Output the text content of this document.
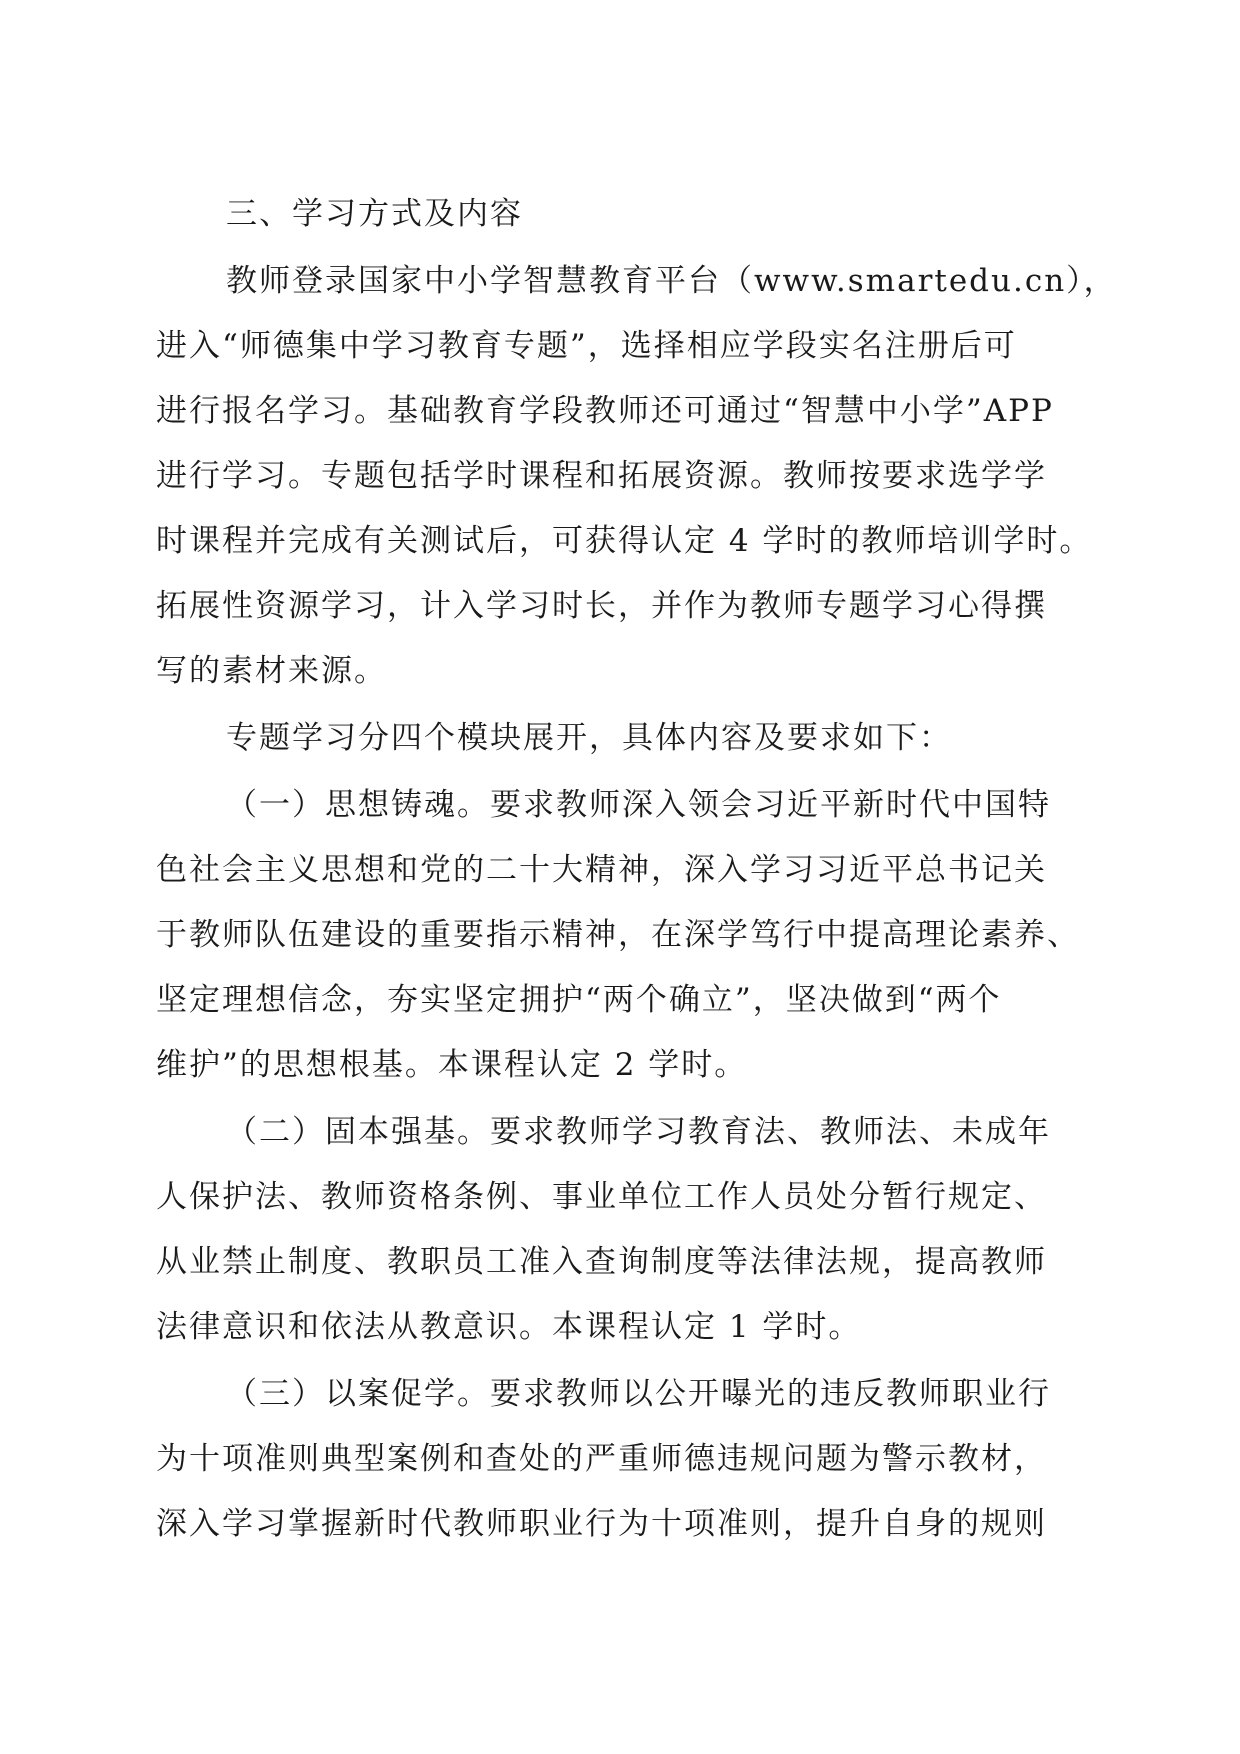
三、学习方式及内容
教师登录国家中小学智慧教育平台（www.smartedu.cn），
进入“师德集中学习教育专题”，选择相应学段实名注册后可
进行报名学习。基础教育学段教师还可通过“智慧中小学”APP
进行学习。专题包括学时课程和拓展资源。教师按要求选学学
时课程并完成有关测试后，可获得认定 4 学时的教师培训学时。
拓展性资源学习，计入学习时长，并作为教师专题学习心得撰
写的素材来源。
专题学习分四个模块展开，具体内容及要求如下：
（一）思想铸魂。要求教师深入领会习近平新时代中国特
色社会主义思想和党的二十大精神，深入学习习近平总书记关
于教师队伍建设的重要指示精神，在深学笃行中提高理论素养、
坚定理想信念，夯实坚定拥护“两个确立”，坚决做到“两个
维护”的思想根基。本课程认定 2 学时。
（二）固本强基。要求教师学习教育法、教师法、未成年
人保护法、教师资格条例、事业单位工作人员处分暂行规定、
从业禁止制度、教职员工准入查询制度等法律法规，提高教师
法律意识和依法从教意识。本课程认定 1 学时。
（三）以案促学。要求教师以公开曝光的违反教师职业行
为十项准则典型案例和查处的严重师德违规问题为警示教材，
深入学习掌握新时代教师职业行为十项准则，提升自身的规则
